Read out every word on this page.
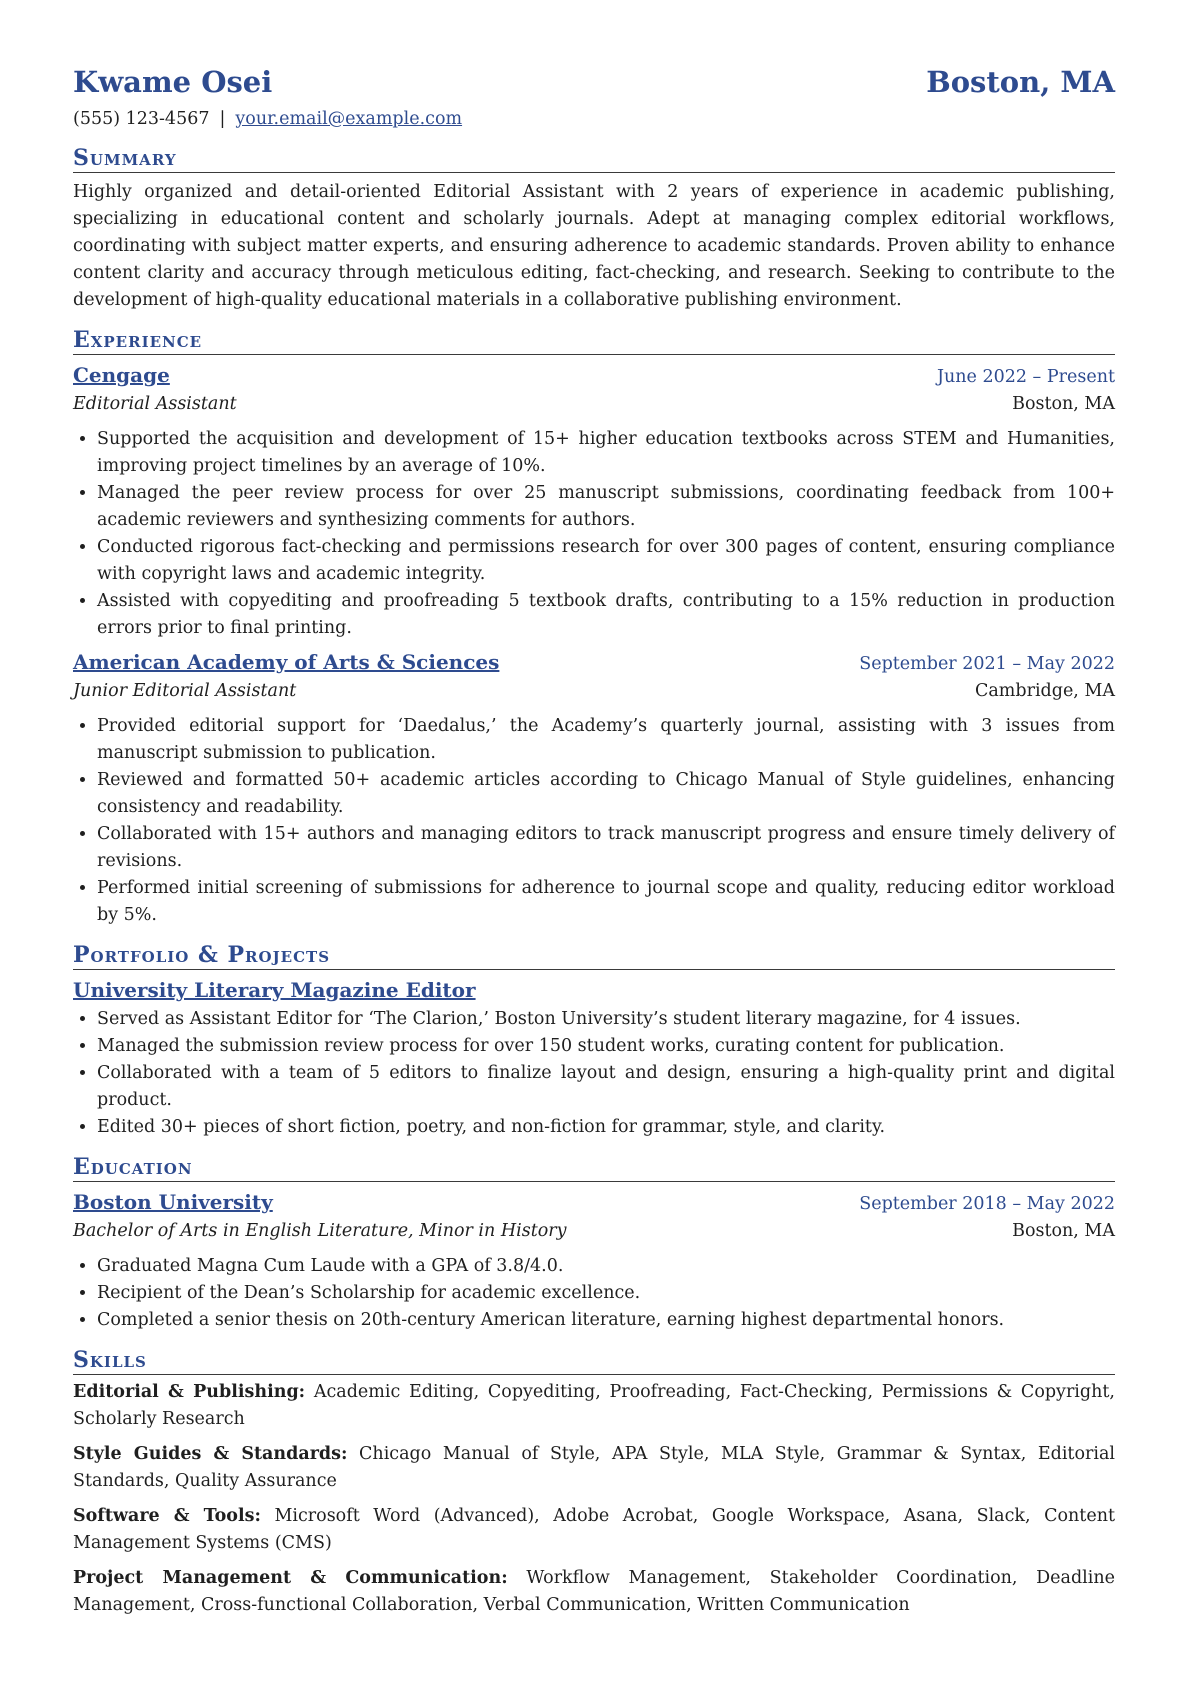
Kwame Osei	Boston, MA
(555) 123-4567 | your.email@example.com
Summary
Highly organized and detail-oriented Editorial Assistant with 2 years of experience in academic publishing, specializing in educational content and scholarly journals. Adept at managing complex editorial workflows, coordinating with subject matter experts, and ensuring adherence to academic standards. Proven ability to enhance content clarity and accuracy through meticulous editing, fact-checking, and research. Seeking to contribute to the development of high-quality educational materials in a collaborative publishing environment.
Experience
Cengage	June 2022 – Present
Editorial Assistant	Boston, MA
• Supported the acquisition and development of 15+ higher education textbooks across STEM and Humanities, improving project timelines by an average of 10%.
• Managed the peer review process for over 25 manuscript submissions, coordinating feedback from 100+ academic reviewers and synthesizing comments for authors.
• Conducted rigorous fact-checking and permissions research for over 300 pages of content, ensuring compliance with copyright laws and academic integrity.
• Assisted with copyediting and proofreading 5 textbook drafts, contributing to a 15% reduction in production errors prior to final printing.
American Academy of Arts & Sciences	September 2021 – May 2022
Junior Editorial Assistant	Cambridge, MA
• Provided editorial support for ‘Daedalus,’ the Academy’s quarterly journal, assisting with 3 issues from manuscript submission to publication.
• Reviewed and formatted 50+ academic articles according to Chicago Manual of Style guidelines, enhancing consistency and readability.
• Collaborated with 15+ authors and managing editors to track manuscript progress and ensure timely delivery of revisions.
• Performed initial screening of submissions for adherence to journal scope and quality, reducing editor workload by 5%.
Portfolio & Projects
University Literary Magazine Editor
• Served as Assistant Editor for ‘The Clarion,’ Boston University’s student literary magazine, for 4 issues.
• Managed the submission review process for over 150 student works, curating content for publication.
• Collaborated with a team of 5 editors to finalize layout and design, ensuring a high-quality print and digital product.
• Edited 30+ pieces of short fiction, poetry, and non-fiction for grammar, style, and clarity.
Education
Boston University	September 2018 – May 2022
Bachelor of Arts in English Literature, Minor in History	Boston, MA
• Graduated Magna Cum Laude with a GPA of 3.8/4.0.
• Recipient of the Dean’s Scholarship for academic excellence.
• Completed a senior thesis on 20th-century American literature, earning highest departmental honors.
Skills

Editorial & Publishing: Academic Editing, Copyediting, Proofreading, Fact-Checking, Permissions & Copyright, Scholarly Research

Style Guides & Standards: Chicago Manual of Style, APA Style, MLA Style, Grammar & Syntax, Editorial Standards, Quality Assurance

Software & Tools: Microsoft Word (Advanced), Adobe Acrobat, Google Workspace, Asana, Slack, Content Management Systems (CMS)

Project Management & Communication: Workflow Management, Stakeholder Coordination, Deadline Management, Cross-functional Collaboration, Verbal Communication, Written Communication
